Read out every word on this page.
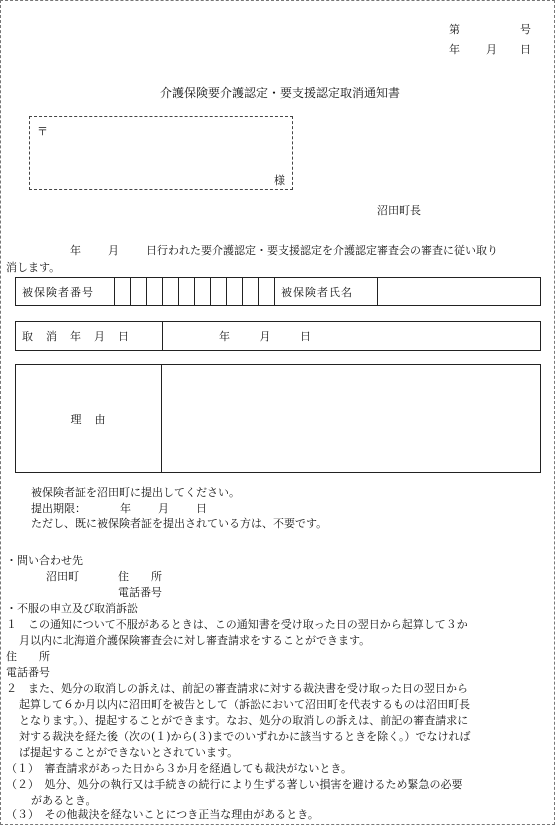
第	号
年 月 日
介護保険要介護認定・要支援認定取消通知書
〒
様
沼田町長
年 月 日行われた要介護認定・要支援認定を介護認定審査会の審査に従い取り
消します。
被保険者番号											被保険者氏名	
取　消　年　月　日	年	月	日
理　由	
被保険者証を沼田町に提出してください。
提出期限：	年 月 日
ただし、既に被保険者証を提出されている方は、不要です。
・問い合わせ先
沼田町	住　　所
電話番号
・不服の申立及び取消訴訟
１　この通知について不服があるときは、この通知書を受け取った日の翌日から起算して３か
月以内に北海道介護保険審査会に対し審査請求をすることができます。
住　　所
電話番号
２　また、処分の取消しの訴えは、前記の審査請求に対する裁決書を受け取った日の翌日から
起算して６か月以内に沼田町を被告として（訴訟において沼田町を代表するものは沼田町長
となります。）、提起することができます。なお、処分の取消しの訴えは、前記の審査請求に
対する裁決を経た後（次の(１)から(３)までのいずれかに該当するときを除く。）でなければ
ば提起することができないとされています。
（１）　審査請求があった日から３か月を経過しても裁決がないとき。
（２）　処分、処分の執行又は手続きの続行により生ずる著しい損害を避けるため緊急の必要
があるとき。
（３）　その他裁決を経ないことにつき正当な理由があるとき。
